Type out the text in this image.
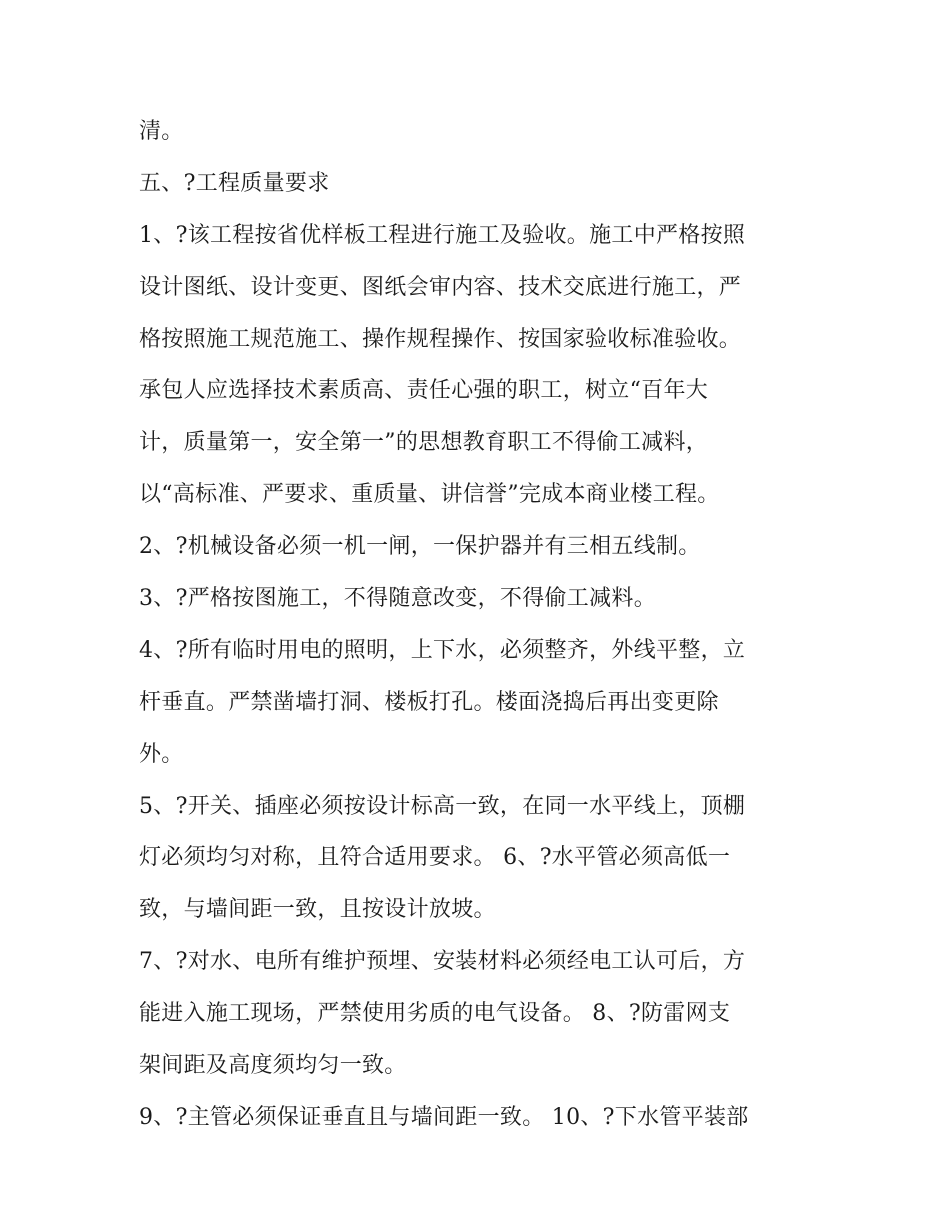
清。
五、?工程质量要求
1、?该工程按省优样板工程进行施工及验收。施工中严格按照
设计图纸、设计变更、图纸会审内容、技术交底进行施工，严
格按照施工规范施工、操作规程操作、按国家验收标准验收。
承包人应选择技术素质高、责任心强的职工，树立“百年大
计，质量第一，安全第一”的思想教育职工不得偷工减料，
以“高标准、严要求、重质量、讲信誉”完成本商业楼工程。
2、?机械设备必须一机一闸，一保护器并有三相五线制。
3、?严格按图施工，不得随意改变，不得偷工减料。
4、?所有临时用电的照明，上下水，必须整齐，外线平整，立
杆垂直。严禁凿墙打洞、楼板打孔。楼面浇捣后再出变更除
外。
5、?开关、插座必须按设计标高一致，在同一水平线上，顶棚
灯必须均匀对称，且符合适用要求。 6、?水平管必须高低一
致，与墙间距一致，且按设计放坡。
7、?对水、电所有维护预埋、安装材料必须经电工认可后，方
能进入施工现场，严禁使用劣质的电气设备。 8、?防雷网支
架间距及高度须均匀一致。
9、?主管必须保证垂直且与墙间距一致。 10、?下水管平装部
